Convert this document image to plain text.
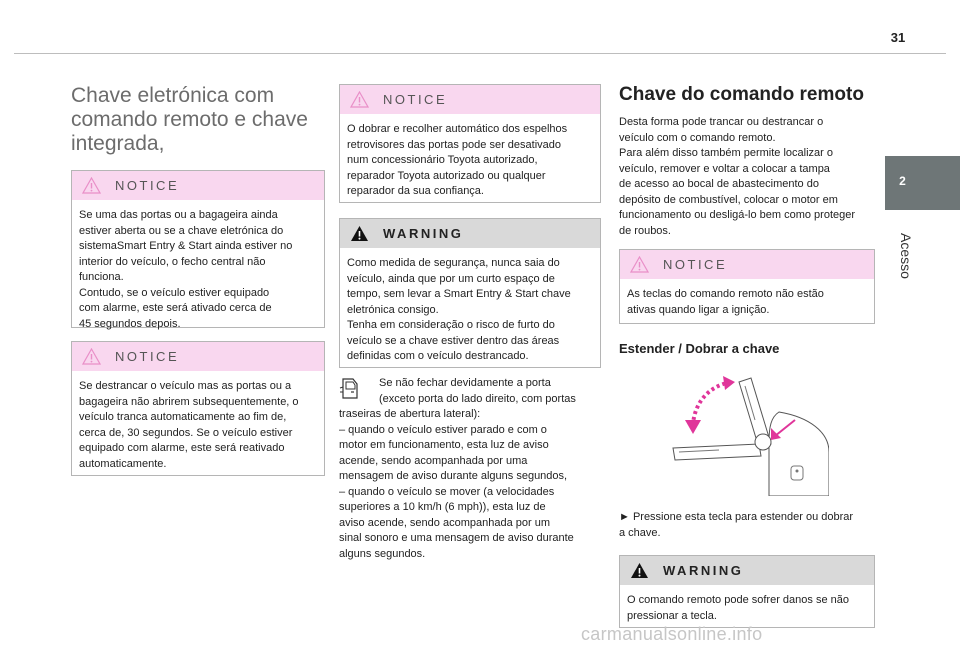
31
2
Acesso
Chave eletrónica com
comando remoto e chave
integrada,
NOTICE
Se uma das portas ou a bagageira ainda
estiver aberta ou se a chave eletrónica do
sistemaSmart Entry & Start ainda estiver no
interior do veículo, o fecho central não
funciona.
Contudo, se o veículo estiver equipado
com alarme, este será ativado cerca de
45 segundos depois.
NOTICE
Se destrancar o veículo mas as portas ou a
bagageira não abrirem subsequentemente, o
veículo tranca automaticamente ao fim de,
cerca de, 30 segundos. Se o veículo estiver
equipado com alarme, este será reativado
automaticamente.
NOTICE
O dobrar e recolher automático dos espelhos
retrovisores das portas pode ser desativado
num concessionário Toyota autorizado,
reparador Toyota autorizado ou qualquer
reparador da sua confiança.
WARNING
Como medida de segurança, nunca saia do
veículo, ainda que por um curto espaço de
tempo, sem levar a Smart Entry & Start chave
eletrónica consigo.
Tenha em consideração o risco de furto do
veículo se a chave estiver dentro das áreas
definidas com o veículo destrancado.
Se não fechar devidamente a porta
(exceto porta do lado direito, com portas
traseiras de abertura lateral):
– quando o veículo estiver parado e com o
motor em funcionamento, esta luz de aviso
acende, sendo acompanhada por uma
mensagem de aviso durante alguns segundos,
– quando o veículo se mover (a velocidades
superiores a 10 km/h (6 mph)), esta luz de
aviso acende, sendo acompanhada por um
sinal sonoro e uma mensagem de aviso durante
alguns segundos.
Chave do comando remoto
Desta forma pode trancar ou destrancar o
veículo com o comando remoto.
Para além disso também permite localizar o
veículo, remover e voltar a colocar a tampa
de acesso ao bocal de abastecimento do
depósito de combustível, colocar o motor em
funcionamento ou desligá-lo bem como proteger
de roubos.
NOTICE
As teclas do comando remoto não estão
ativas quando ligar a ignição.
Estender / Dobrar a chave
► Pressione esta tecla para estender ou dobrar
a chave.
WARNING
O comando remoto pode sofrer danos se não
pressionar a tecla.
carmanualsonline.info
